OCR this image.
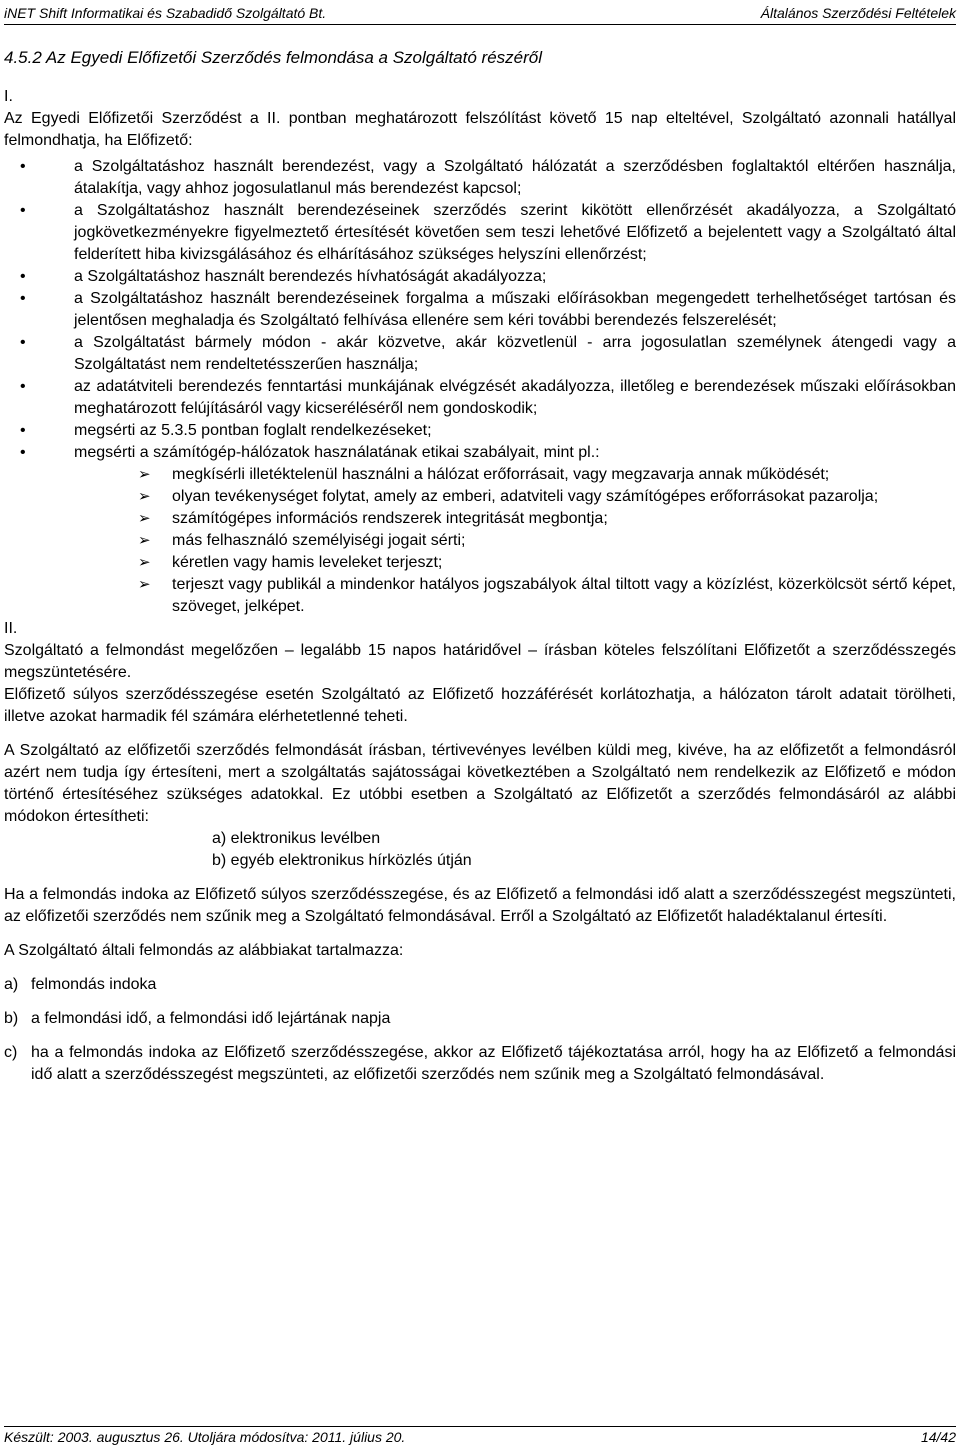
iNET Shift Informatikai és Szabadidő Szolgáltató Bt.	Általános Szerződési Feltételek
4.5.2 Az Egyedi Előfizetői Szerződés felmondása a Szolgáltató részéről

I.

Az Egyedi Előfizetői Szerződést a II. pontban meghatározott felszólítást követő 15 nap elteltével, Szolgáltató azonnali hatállyal felmondhatja, ha Előfizető:

•	a Szolgáltatáshoz használt berendezést, vagy a Szolgáltató hálózatát a szerződésben foglaltaktól eltérően használja, átalakítja, vagy ahhoz jogosulatlanul más berendezést kapcsol;
•	a Szolgáltatáshoz használt berendezéseinek szerződés szerint kikötött ellenőrzését akadályozza, a Szolgáltató jogkövetkezményekre figyelmeztető értesítését követően sem teszi lehetővé Előfizető a bejelentett vagy a Szolgáltató által felderített hiba kivizsgálásához és elhárításához szükséges helyszíni ellenőrzést;
•	a Szolgáltatáshoz használt berendezés hívhatóságát akadályozza;
•	a Szolgáltatáshoz használt berendezéseinek forgalma a műszaki előírásokban megengedett terhelhetőséget tartósan és jelentősen meghaladja és Szolgáltató felhívása ellenére sem kéri további berendezés felszerelését;
•	a Szolgáltatást bármely módon - akár közvetve, akár közvetlenül - arra jogosulatlan személynek átengedi vagy a Szolgáltatást nem rendeltetésszerűen használja;
•	az adatátviteli berendezés fenntartási munkájának elvégzését akadályozza, illetőleg e berendezések műszaki előírásokban meghatározott felújításáról vagy kicseréléséről nem gondoskodik;
•	megsérti az 5.3.5 pontban foglalt rendelkezéseket;
•	megsérti a számítógép-hálózatok használatának etikai szabályait, mint pl.:
➢ megkísérli illetéktelenül használni a hálózat erőforrásait, vagy megzavarja annak működését;
➢ olyan tevékenységet folytat, amely az emberi, adatviteli vagy számítógépes erőforrásokat pazarolja;
➢ számítógépes információs rendszerek integritását megbontja;
➢ más felhasználó személyiségi jogait sérti;
➢ kéretlen vagy hamis leveleket terjeszt;
➢ terjeszt vagy publikál a mindenkor hatályos jogszabályok által tiltott vagy a közízlést, közerkölcsöt sértő képet, szöveget, jelképet.

II.

Szolgáltató a felmondást megelőzően – legalább 15 napos határidővel – írásban köteles felszólítani Előfizetőt a szerződésszegés megszüntetésére.

Előfizető súlyos szerződésszegése esetén Szolgáltató az Előfizető hozzáférését korlátozhatja, a hálózaton tárolt adatait törölheti, illetve azokat harmadik fél számára elérhetetlenné teheti.

A Szolgáltató az előfizetői szerződés felmondását írásban, tértivevényes levélben küldi meg, kivéve, ha az előfizetőt a felmondásról azért nem tudja így értesíteni, mert a szolgáltatás sajátosságai következtében a Szolgáltató nem rendelkezik az Előfizető e módon történő értesítéséhez szükséges adatokkal. Ez utóbbi esetben a Szolgáltató az Előfizetőt a szerződés felmondásáról az alábbi módokon értesítheti:

a) elektronikus levélben
b) egyéb elektronikus hírközlés útján

Ha a felmondás indoka az Előfizető súlyos szerződésszegése, és az Előfizető a felmondási idő alatt a szerződésszegést megszünteti, az előfizetői szerződés nem szűnik meg a Szolgáltató felmondásával. Erről a Szolgáltató az Előfizetőt haladéktalanul értesíti.

A Szolgáltató általi felmondás az alábbiakat tartalmazza:

a) felmondás indoka
b) a felmondási idő, a felmondási idő lejártának napja
c) ha a felmondás indoka az Előfizető szerződésszegése, akkor az Előfizető tájékoztatása arról, hogy ha az Előfizető a felmondási idő alatt a szerződésszegést megszünteti, az előfizetői szerződés nem szűnik meg a Szolgáltató felmondásával.
Készült: 2003. augusztus 26. Utoljára módosítva: 2011. július 20.	14/42
